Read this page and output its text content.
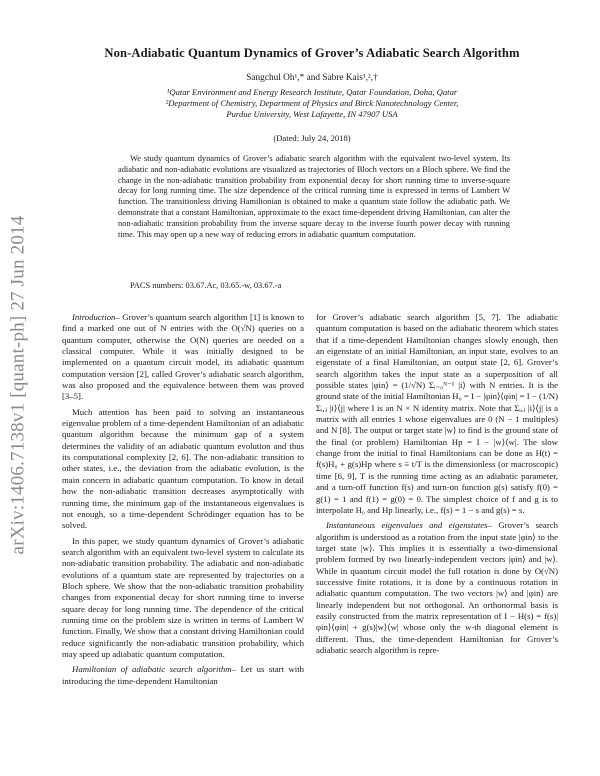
arXiv:1406.7138v1 [quant-ph] 27 Jun 2014
Non-Adiabatic Quantum Dynamics of Grover’s Adiabatic Search Algorithm
Sangchul Oh¹,* and Sabre Kais¹,²,†
¹Qatar Environment and Energy Research Institute, Qatar Foundation, Doha, Qatar
²Department of Chemistry, Department of Physics and Birck Nanotechnology Center,
Purdue University, West Lafayette, IN 47907 USA
(Dated: July 24, 2018)
We study quantum dynamics of Grover’s adiabatic search algorithm with the equivalent two-level system. Its adiabatic and non-adiabatic evolutions are visualized as trajectories of Bloch vectors on a Bloch sphere. We find the change in the non-adiabatic transition probability from exponential decay for short running time to inverse-square decay for long running time. The size dependence of the critical running time is expressed in terms of Lambert W function. The transitionless driving Hamiltonian is obtained to make a quantum state follow the adiabatic path. We demonstrate that a constant Hamiltonian, approximate to the exact time-dependent driving Hamiltonian, can alter the non-adiabatic transition probability from the inverse square decay to the inverse fourth power decay with running time. This may open up a new way of reducing errors in adiabatic quantum computation.
PACS numbers: 03.67.Ac, 03.65.-w, 03.67.-a

Introduction– Grover’s quantum search algorithm [1] is known to find a marked one out of N entries with the O(√N) queries on a quantum computer, otherwise the O(N) queries are needed on a classical computer. While it was initially designed to be implemented on a quantum circuit model, its adiabatic quantum computation version [2], called Grover’s adiabatic search algorithm, was also proposed and the equivalence between them was proved [3–5].

Much attention has been paid to solving an instantaneous eigenvalue problem of a time-dependent Hamiltonian of an adiabatic quantum algorithm because the minimum gap of a system determines the validity of an adiabatic quantum evolution and thus its computational complexity [2, 6]. The non-adiabatic transition to other states, i.e., the deviation from the adiabatic evolution, is the main concern in adiabatic quantum computation. To know in detail how the non-adiabatic transition decreases asymptotically with running time, the minimum gap of the instantaneous eigenvalues is not enough, so a time-dependent Schrödinger equation has to be solved.

In this paper, we study quantum dynamics of Grover’s adiabatic search algorithm with an equivalent two-level system to calculate its non-adiabatic transition probability. The adiabatic and non-adiabatic evolutions of a quantum state are represented by trajectories on a Bloch sphere. We show that the non-adiabatic transition probability changes from exponential decay for short running time to inverse square decay for long running time. The dependence of the critical running time on the problem size is written in terms of Lambert W function. Finally, We show that a constant driving Hamiltonian could reduce significantly the non-adiabatic transition probability, which may speed up adiabatic quantum computation.

Hamiltonian of adiabatic search algorithm– Let us start with introducing the time-dependent Hamiltonian

for Grover’s adiabatic search algorithm [5, 7]. The adiabatic quantum computation is based on the adiabatic theorem which states that if a time-dependent Hamiltonian changes slowly enough, then an eigenstate of an initial Hamiltonian, an input state, evolves to an eigenstate of a final Hamiltonian, an output state [2, 6]. Grover’s search algorithm takes the input state as a superposition of all possible states |φin⟩ = (1/√N) Σᵢ₌₀ᴺ⁻¹ |i⟩ with N entries. It is the ground state of the initial Hamiltonian H₀ = I − |φin⟩⟨φin| = I − (1/N) Σᵢ,ⱼ |i⟩⟨j| where I is an N × N identity matrix. Note that Σᵢ,ⱼ |i⟩⟨j| is a matrix with all entries 1 whose eigenvalues are 0 (N − 1 multiples) and N [8]. The output or target state |w⟩ to find is the ground state of the final (or problem) Hamiltonian Hp = I − |w⟩⟨w|. The slow change from the initial to final Hamiltonians can be done as H(t) = f(s)H₀ + g(s)Hp where s ≡ t/T is the dimensionless (or macroscopic) time [6, 9], T is the running time acting as an adiabatic parameter, and a turn-off function f(s) and turn-on function g(s) satisfy f(0) = g(1) = 1 and f(1) = g(0) = 0. The simplest choice of f and g is to interpolate H₀ and Hp linearly, i.e., f(s) = 1 − s and g(s) = s.

Instantaneous eigenvalues and eigenstates– Grover’s search algorithm is understood as a rotation from the input state |φin⟩ to the target state |w⟩. This implies it is essentially a two-dimensional problem formed by two linearly-independent vectors |φin⟩ and |w⟩. While in quantum circuit model the full rotation is done by O(√N) successive finite rotations, it is done by a continuous rotation in adiabatic quantum computation. The two vectors |w⟩ and |φin⟩ are linearly independent but not orthogonal. An orthonormal basis is easily constructed from the matrix representation of I − H(s) = f(s)|φin⟩⟨φin| + g(s)|w⟩⟨w| whose only the w-th diagonal element is different. Thus, the time-dependent Hamiltonian for Grover’s adiabatic search algorithm is repre-
